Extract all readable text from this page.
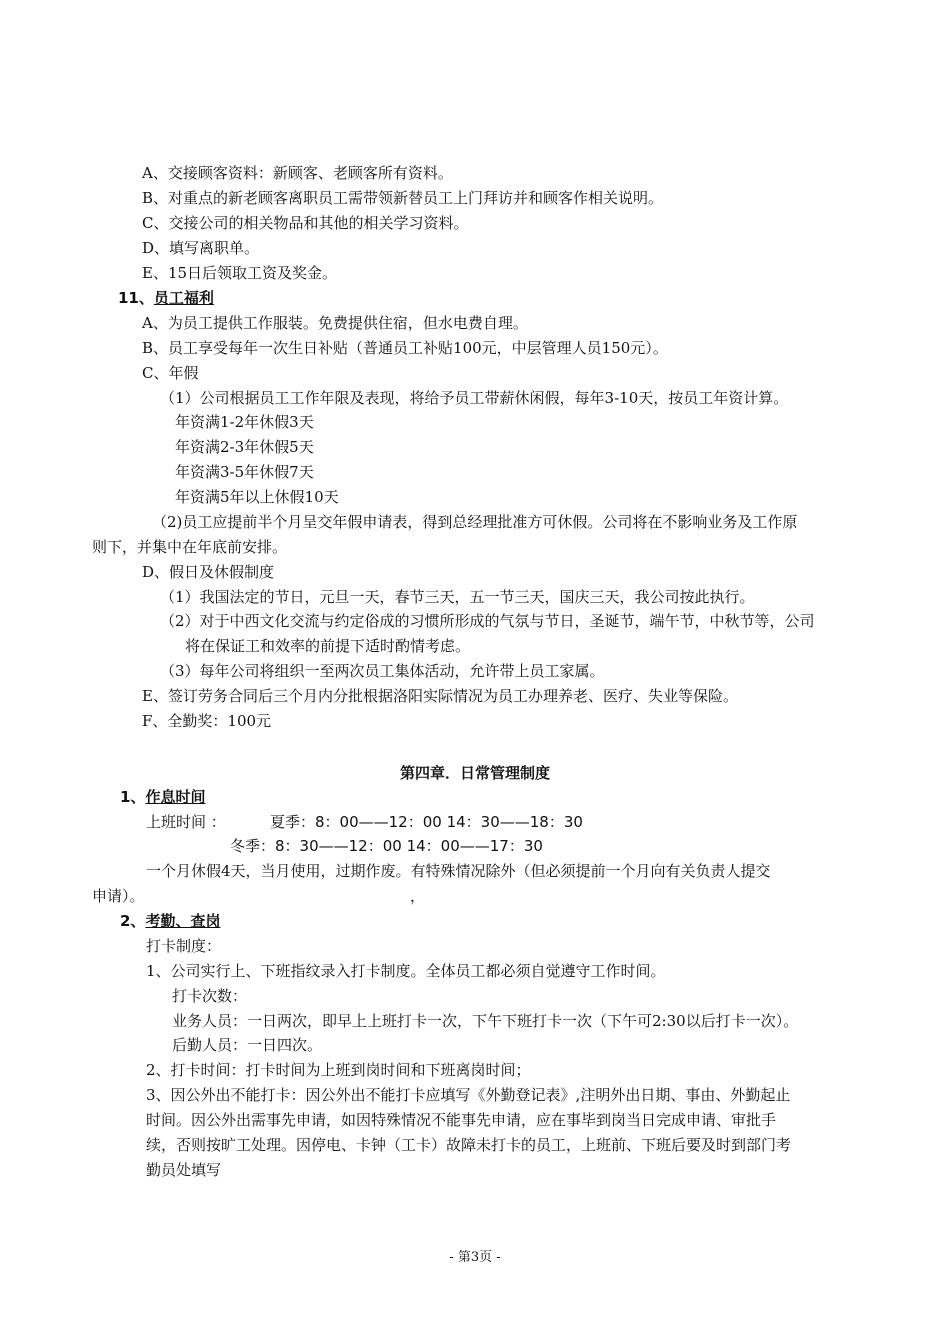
A、交接顾客资料：新顾客、老顾客所有资料。
B、对重点的新老顾客离职员工需带领新替员工上门拜访并和顾客作相关说明。
C、交接公司的相关物品和其他的相关学习资料。
D、填写离职单。
E、15日后领取工资及奖金。
11、员工福利
A、为员工提供工作服装。免费提供住宿，但水电费自理。
B、员工享受每年一次生日补贴（普通员工补贴100元，中层管理人员150元）。
C、年假
（1）公司根据员工工作年限及表现，将给予员工带薪休闲假，每年3-10天，按员工年资计算。
年资满1-2年休假3天
年资满2-3年休假5天
年资满3-5年休假7天
年资满5年以上休假10天
（2)员工应提前半个月呈交年假申请表，得到总经理批准方可休假。公司将在不影响业务及工作原
则下，并集中在年底前安排。
D、假日及休假制度
（1）我国法定的节日，元旦一天，春节三天，五一节三天，国庆三天，我公司按此执行。
（2）对于中西文化交流与约定俗成的习惯所形成的气氛与节日，圣诞节，端午节，中秋节等，公司
将在保证工和效率的前提下适时酌情考虑。
（3）每年公司将组织一至两次员工集体活动，允许带上员工家属。
E、签订劳务合同后三个月内分批根据洛阳实际情况为员工办理养老、医疗、失业等保险。
F、全勤奖：100元
第四章．日常管理制度
1、作息时间
上班时间 ：	夏季：8：00——12：00 14：30——18：30
冬季：8：30——12：00 14：00——17：30
一个月休假4天，当月使用，过期作废。有特殊情况除外（但必须提前一个月向有关负责人提交
申请）。	，
2、考勤、查岗
打卡制度：
1、公司实行上、下班指纹录入打卡制度。全体员工都必须自觉遵守工作时间。
打卡次数：
业务人员：一日两次，即早上上班打卡一次，下午下班打卡一次（下午可2:30以后打卡一次）。
后勤人员：一日四次。
2、打卡时间：打卡时间为上班到岗时间和下班离岗时间；
3、因公外出不能打卡：因公外出不能打卡应填写《外勤登记表》,注明外出日期、事由、外勤起止
时间。因公外出需事先申请，如因特殊情况不能事先申请，应在事毕到岗当日完成申请、审批手
续，否则按旷工处理。因停电、卡钟（工卡）故障未打卡的员工，上班前、下班后要及时到部门考
勤员处填写
- 第3页 -
